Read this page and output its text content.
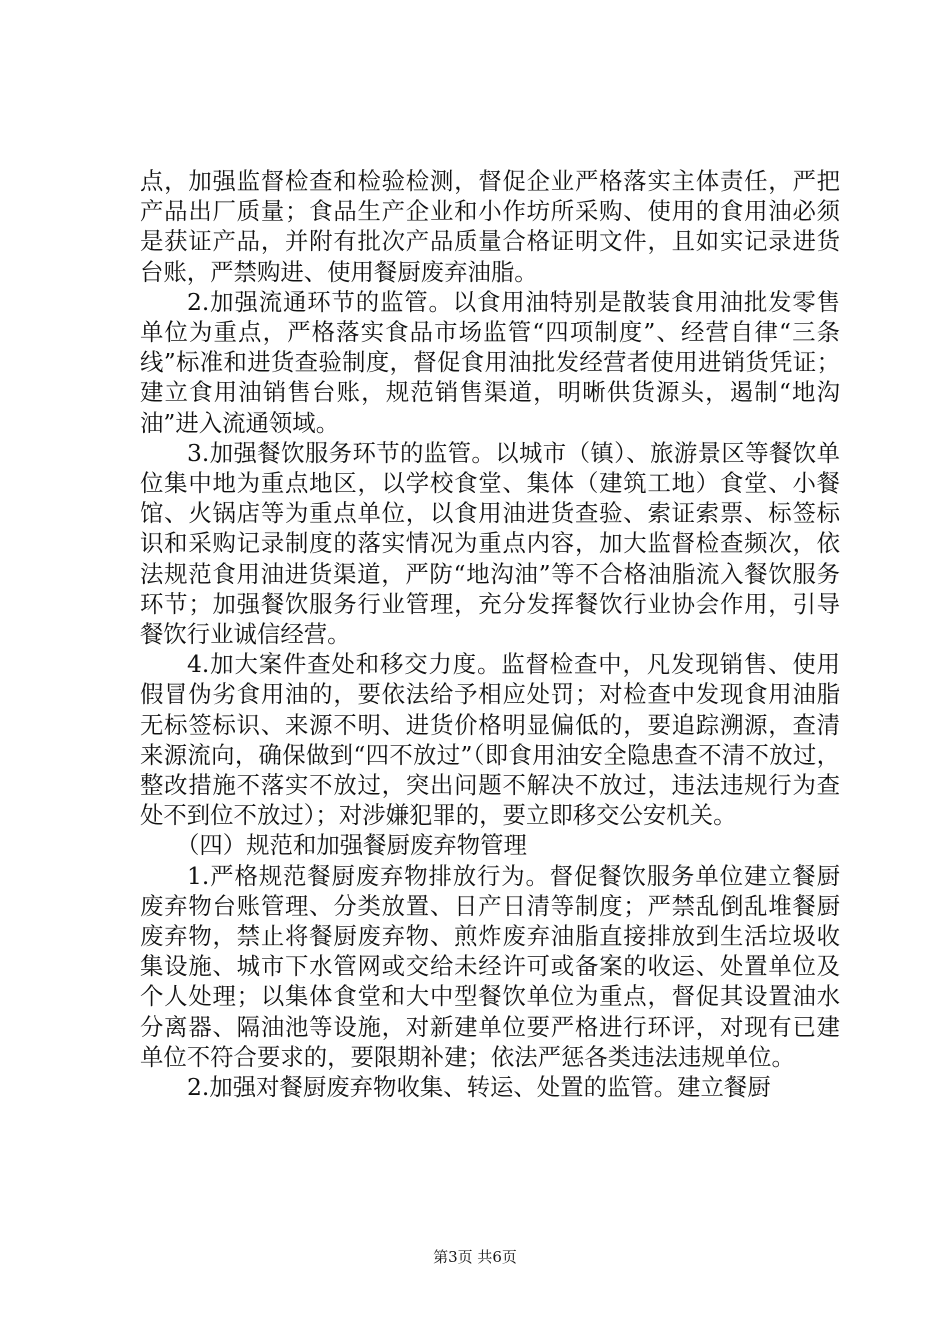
点，加强监督检查和检验检测，督促企业严格落实主体责任，严把产品出厂质量；食品生产企业和小作坊所采购、使用的食用油必须是获证产品，并附有批次产品质量合格证明文件，且如实记录进货台账，严禁购进、使用餐厨废弃油脂。

2.加强流通环节的监管。以食用油特别是散装食用油批发零售单位为重点，严格落实食品市场监管“四项制度”、经营自律“三条线”标准和进货查验制度，督促食用油批发经营者使用进销货凭证；建立食用油销售台账，规范销售渠道，明晰供货源头，遏制“地沟油”进入流通领域。

3.加强餐饮服务环节的监管。以城市（镇）、旅游景区等餐饮单位集中地为重点地区，以学校食堂、集体（建筑工地）食堂、小餐馆、火锅店等为重点单位，以食用油进货查验、索证索票、标签标识和采购记录制度的落实情况为重点内容，加大监督检查频次，依法规范食用油进货渠道，严防“地沟油”等不合格油脂流入餐饮服务环节；加强餐饮服务行业管理，充分发挥餐饮行业协会作用，引导餐饮行业诚信经营。

4.加大案件查处和移交力度。监督检查中，凡发现销售、使用假冒伪劣食用油的，要依法给予相应处罚；对检查中发现食用油脂无标签标识、来源不明、进货价格明显偏低的，要追踪溯源，查清来源流向，确保做到“四不放过”（即食用油安全隐患查不清不放过，整改措施不落实不放过，突出问题不解决不放过，违法违规行为查处不到位不放过）；对涉嫌犯罪的，要立即移交公安机关。

（四）规范和加强餐厨废弃物管理

1.严格规范餐厨废弃物排放行为。督促餐饮服务单位建立餐厨废弃物台账管理、分类放置、日产日清等制度；严禁乱倒乱堆餐厨废弃物，禁止将餐厨废弃物、煎炸废弃油脂直接排放到生活垃圾收集设施、城市下水管网或交给未经许可或备案的收运、处置单位及个人处理；以集体食堂和大中型餐饮单位为重点，督促其设置油水分离器、隔油池等设施，对新建单位要严格进行环评，对现有已建单位不符合要求的，要限期补建；依法严惩各类违法违规单位。

2.加强对餐厨废弃物收集、转运、处置的监管。建立餐厨

第3页 共6页
